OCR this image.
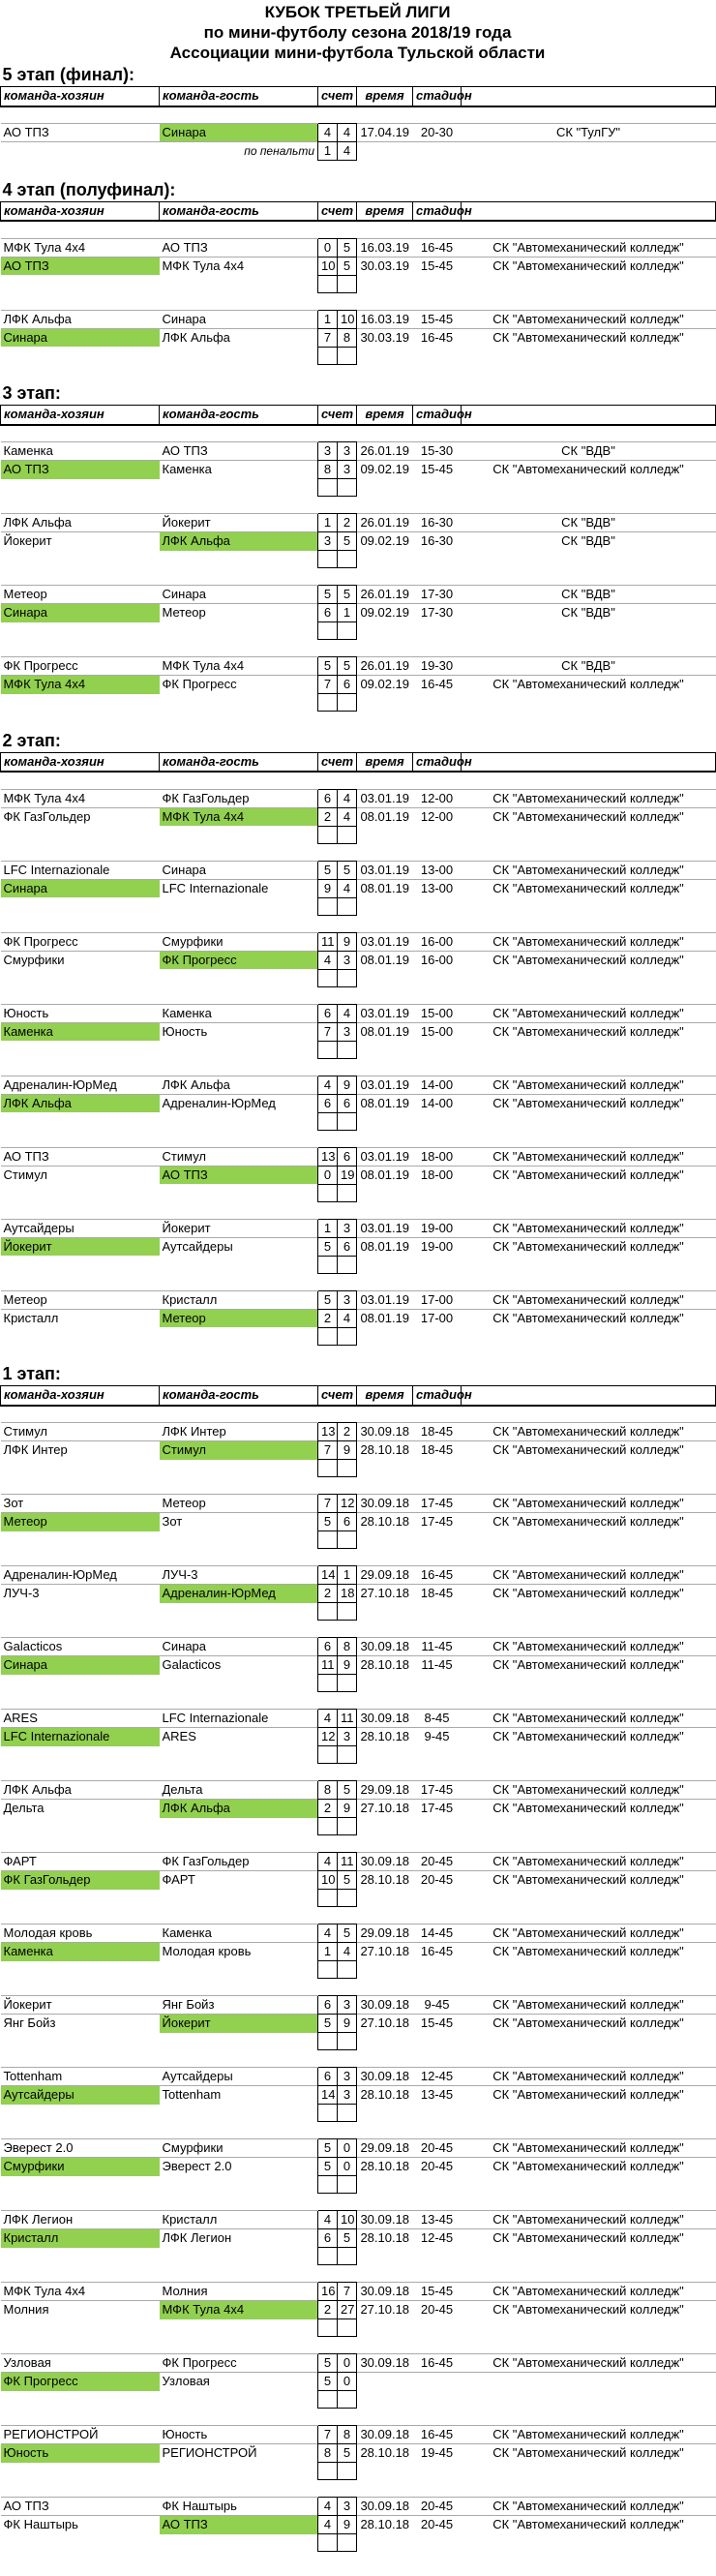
КУБОК ТРЕТЬЕЙ ЛИГИ
по мини-футболу сезона 2018/19 года
Ассоциации мини-футбола Тульской области
5 этап (финал):						
команда-хозяин	команда-гость	счет		время	стадион	

АО ТПЗ	Синара	4	4	17.04.19	20-30	СК "ТулГУ"
	по пенальти	1	4			

4 этап (полуфинал):						
команда-хозяин	команда-гость	счет		время	стадион	

МФК Тула 4х4	АО ТПЗ	0	5	16.03.19	16-45	СК "Автомеханический колледж"
АО ТПЗ	МФК Тула 4х4	10	5	30.03.19	15-45	СК "Автомеханический колледж"

ЛФК Альфа	Синара	1	10	16.03.19	15-45	СК "Автомеханический колледж"
Синара	ЛФК Альфа	7	8	30.03.19	16-45	СК "Автомеханический колледж"

3 этап:						
команда-хозяин	команда-гость	счет		время	стадион	

Каменка	АО ТПЗ	3	3	26.01.19	15-30	СК "ВДВ"
АО ТПЗ	Каменка	8	3	09.02.19	15-45	СК "Автомеханический колледж"

ЛФК Альфа	Йокерит	1	2	26.01.19	16-30	СК "ВДВ"
Йокерит	ЛФК Альфа	3	5	09.02.19	16-30	СК "ВДВ"

Метеор	Синара	5	5	26.01.19	17-30	СК "ВДВ"
Синара	Метеор	6	1	09.02.19	17-30	СК "ВДВ"

ФК Прогресс	МФК Тула 4х4	5	5	26.01.19	19-30	СК "ВДВ"
МФК Тула 4х4	ФК Прогресс	7	6	09.02.19	16-45	СК "Автомеханический колледж"

2 этап:						
команда-хозяин	команда-гость	счет		время	стадион	

МФК Тула 4х4	ФК ГазГольдер	6	4	03.01.19	12-00	СК "Автомеханический колледж"
ФК ГазГольдер	МФК Тула 4х4	2	4	08.01.19	12-00	СК "Автомеханический колледж"

LFC Internazionale	Синара	5	5	03.01.19	13-00	СК "Автомеханический колледж"
Синара	LFC Internazionale	9	4	08.01.19	13-00	СК "Автомеханический колледж"

ФК Прогресс	Смурфики	11	9	03.01.19	16-00	СК "Автомеханический колледж"
Смурфики	ФК Прогресс	4	3	08.01.19	16-00	СК "Автомеханический колледж"

Юность	Каменка	6	4	03.01.19	15-00	СК "Автомеханический колледж"
Каменка	Юность	7	3	08.01.19	15-00	СК "Автомеханический колледж"

Адреналин-ЮрМед	ЛФК Альфа	4	9	03.01.19	14-00	СК "Автомеханический колледж"
ЛФК Альфа	Адреналин-ЮрМед	6	6	08.01.19	14-00	СК "Автомеханический колледж"

АО ТПЗ	Стимул	13	6	03.01.19	18-00	СК "Автомеханический колледж"
Стимул	АО ТПЗ	0	19	08.01.19	18-00	СК "Автомеханический колледж"

Аутсайдеры	Йокерит	1	3	03.01.19	19-00	СК "Автомеханический колледж"
Йокерит	Аутсайдеры	5	6	08.01.19	19-00	СК "Автомеханический колледж"

Метеор	Кристалл	5	3	03.01.19	17-00	СК "Автомеханический колледж"
Кристалл	Метеор	2	4	08.01.19	17-00	СК "Автомеханический колледж"

1 этап:						
команда-хозяин	команда-гость	счет		время	стадион	

Стимул	ЛФК Интер	13	2	30.09.18	18-45	СК "Автомеханический колледж"
ЛФК Интер	Стимул	7	9	28.10.18	18-45	СК "Автомеханический колледж"

Зот	Метеор	7	12	30.09.18	17-45	СК "Автомеханический колледж"
Метеор	Зот	5	6	28.10.18	17-45	СК "Автомеханический колледж"

Адреналин-ЮрМед	ЛУЧ-3	14	1	29.09.18	16-45	СК "Автомеханический колледж"
ЛУЧ-3	Адреналин-ЮрМед	2	18	27.10.18	18-45	СК "Автомеханический колледж"

Galacticos	Синара	6	8	30.09.18	11-45	СК "Автомеханический колледж"
Синара	Galacticos	11	9	28.10.18	11-45	СК "Автомеханический колледж"

ARES	LFC Internazionale	4	11	30.09.18	8-45	СК "Автомеханический колледж"
LFC Internazionale	ARES	12	3	28.10.18	9-45	СК "Автомеханический колледж"

ЛФК Альфа	Дельта	8	5	29.09.18	17-45	СК "Автомеханический колледж"
Дельта	ЛФК Альфа	2	9	27.10.18	17-45	СК "Автомеханический колледж"

ФАРТ	ФК ГазГольдер	4	11	30.09.18	20-45	СК "Автомеханический колледж"
ФК ГазГольдер	ФАРТ	10	5	28.10.18	20-45	СК "Автомеханический колледж"

Молодая кровь	Каменка	4	5	29.09.18	14-45	СК "Автомеханический колледж"
Каменка	Молодая кровь	1	4	27.10.18	16-45	СК "Автомеханический колледж"

Йокерит	Янг Бойз	6	3	30.09.18	9-45	СК "Автомеханический колледж"
Янг Бойз	Йокерит	5	9	27.10.18	15-45	СК "Автомеханический колледж"

Tottenham	Аутсайдеры	6	3	30.09.18	12-45	СК "Автомеханический колледж"
Аутсайдеры	Tottenham	14	3	28.10.18	13-45	СК "Автомеханический колледж"

Эверест 2.0	Смурфики	5	0	29.09.18	20-45	СК "Автомеханический колледж"
Смурфики	Эверест 2.0	5	0	28.10.18	20-45	СК "Автомеханический колледж"

ЛФК Легион	Кристалл	4	10	30.09.18	13-45	СК "Автомеханический колледж"
Кристалл	ЛФК Легион	6	5	28.10.18	12-45	СК "Автомеханический колледж"

МФК Тула 4х4	Молния	16	7	30.09.18	15-45	СК "Автомеханический колледж"
Молния	МФК Тула 4х4	2	27	27.10.18	20-45	СК "Автомеханический колледж"

Узловая	ФК Прогресс	5	0	30.09.18	16-45	СК "Автомеханический колледж"
ФК Прогресс	Узловая	5	0			

РЕГИОНСТРОЙ	Юность	7	8	30.09.18	16-45	СК "Автомеханический колледж"
Юность	РЕГИОНСТРОЙ	8	5	28.10.18	19-45	СК "Автомеханический колледж"

АО ТПЗ	ФК Наштырь	4	3	30.09.18	20-45	СК "Автомеханический колледж"
ФК Наштырь	АО ТПЗ	4	9	28.10.18	20-45	СК "Автомеханический колледж"
